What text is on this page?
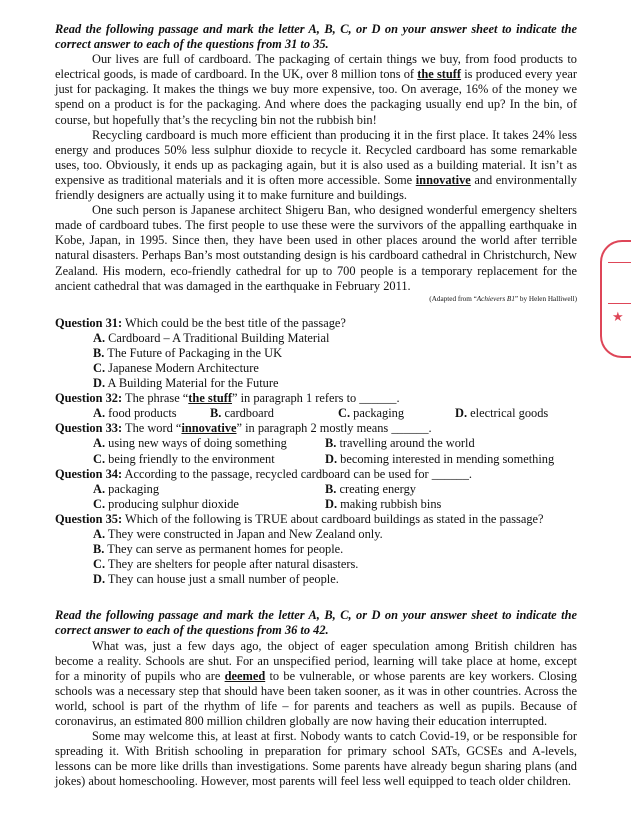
Read the following passage and mark the letter A, B, C, or D on your answer sheet to indicate the correct answer to each of the questions from 31 to 35.

Our lives are full of cardboard. The packaging of certain things we buy, from food products to electrical goods, is made of cardboard. In the UK, over 8 million tons of the stuff is produced every year just for packaging. It makes the things we buy more expensive, too. On average, 16% of the money we spend on a product is for the packaging. And where does the packaging usually end up? In the bin, of course, but hopefully that’s the recycling bin not the rubbish bin!

Recycling cardboard is much more efficient than producing it in the first place. It takes 24% less energy and produces 50% less sulphur dioxide to recycle it. Recycled cardboard has some remarkable uses, too. Obviously, it ends up as packaging again, but it is also used as a building material. It isn’t as expensive as traditional materials and it is often more accessible. Some innovative and environmentally friendly designers are actually using it to make furniture and buildings.

One such person is Japanese architect Shigeru Ban, who designed wonderful emergency shelters made of cardboard tubes. The first people to use these were the survivors of the appalling earthquake in Kobe, Japan, in 1995. Since then, they have been used in other places around the world after terrible natural disasters. Perhaps Ban’s most outstanding design is his cardboard cathedral in Christchurch, New Zealand. His modern, eco-friendly cathedral for up to 700 people is a temporary replacement for the ancient cathedral that was damaged in the earthquake in February 2011.

(Adapted from “Achievers B1” by Helen Halliwell)

Question 31: Which could be the best title of the passage?

A. Cardboard – A Traditional Building Material
B. The Future of Packaging in the UK
C. Japanese Modern Architecture
D. A Building Material for the Future

Question 32: The phrase “the stuff” in paragraph 1 refers to ______.

A. food products	B. cardboard	C. packaging	D. electrical goods

Question 33: The word “innovative” in paragraph 2 mostly means ______.

A. using new ways of doing something	B. travelling around the world
C. being friendly to the environment	D. becoming interested in mending something

Question 34: According to the passage, recycled cardboard can be used for ______.

A. packaging	B. creating energy
C. producing sulphur dioxide	D. making rubbish bins

Question 35: Which of the following is TRUE about cardboard buildings as stated in the passage?

A. They were constructed in Japan and New Zealand only.
B. They can serve as permanent homes for people.
C. They are shelters for people after natural disasters.
D. They can house just a small number of people.

Read the following passage and mark the letter A, B, C, or D on your answer sheet to indicate the correct answer to each of the questions from 36 to 42.

What was, just a few days ago, the object of eager speculation among British children has become a reality. Schools are shut. For an unspecified period, learning will take place at home, except for a minority of pupils who are deemed to be vulnerable, or whose parents are key workers. Closing schools was a necessary step that should have been taken sooner, as it was in other countries. Across the world, school is part of the rhythm of life – for parents and teachers as well as pupils. Because of coronavirus, an estimated 800 million children globally are now having their education interrupted.

Some may welcome this, at least at first. Nobody wants to catch Covid-19, or be responsible for spreading it. With British schooling in preparation for primary school SATs, GCSEs and A-levels, lessons can be more like drills than investigations. Some parents have already begun sharing plans (and jokes) about homeschooling. However, most parents will feel less well equipped to teach older children.

★
